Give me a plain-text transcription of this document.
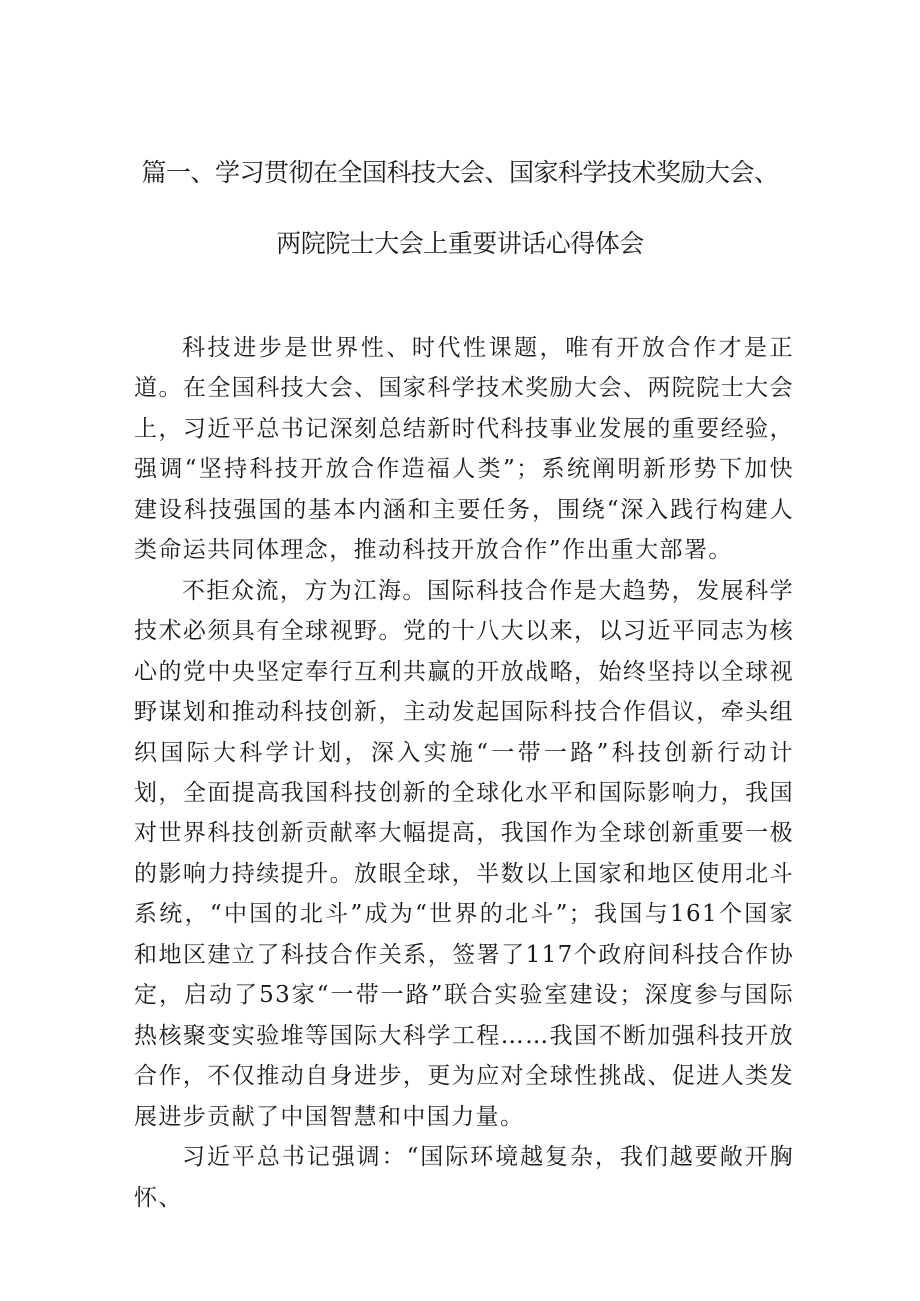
篇一、学习贯彻在全国科技大会、国家科学技术奖励大会、
两院院士大会上重要讲话心得体会

科技进步是世界性、时代性课题，唯有开放合作才是正道。在全国科技大会、国家科学技术奖励大会、两院院士大会上，习近平总书记深刻总结新时代科技事业发展的重要经验，强调“坚持科技开放合作造福人类”；系统阐明新形势下加快建设科技强国的基本内涵和主要任务，围绕“深入践行构建人类命运共同体理念，推动科技开放合作”作出重大部署。

不拒众流，方为江海。国际科技合作是大趋势，发展科学技术必须具有全球视野。党的十八大以来，以习近平同志为核心的党中央坚定奉行互利共赢的开放战略，始终坚持以全球视野谋划和推动科技创新，主动发起国际科技合作倡议，牵头组织国际大科学计划，深入实施“一带一路”科技创新行动计划，全面提高我国科技创新的全球化水平和国际影响力，我国对世界科技创新贡献率大幅提高，我国作为全球创新重要一极的影响力持续提升。放眼全球，半数以上国家和地区使用北斗系统，“中国的北斗”成为“世界的北斗”；我国与161个国家和地区建立了科技合作关系，签署了117个政府间科技合作协定，启动了53家“一带一路”联合实验室建设；深度参与国际热核聚变实验堆等国际大科学工程……我国不断加强科技开放合作，不仅推动自身进步，更为应对全球性挑战、促进人类发展进步贡献了中国智慧和中国力量。

习近平总书记强调：“国际环境越复杂，我们越要敞开胸怀、
